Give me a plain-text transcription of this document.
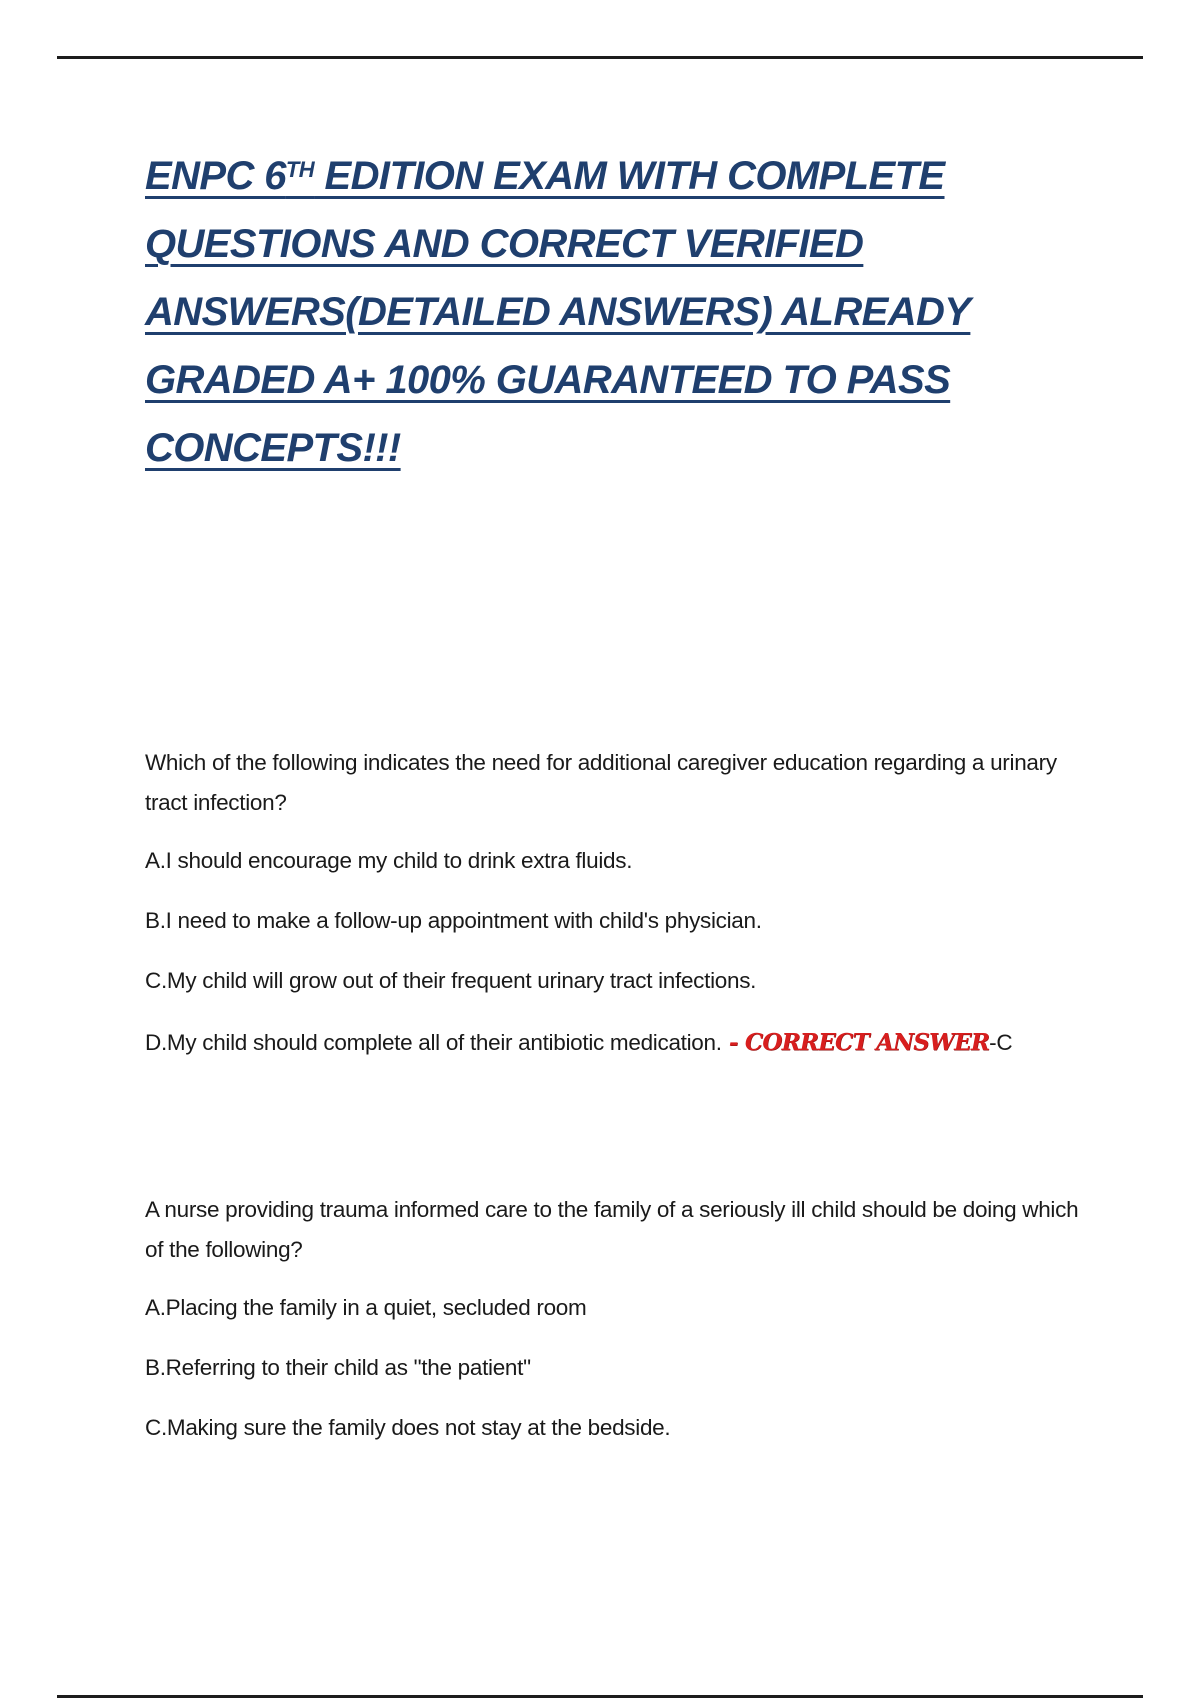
ENPC 6TH EDITION EXAM WITH COMPLETE
QUESTIONS AND CORRECT VERIFIED
ANSWERS(DETAILED ANSWERS) ALREADY
GRADED A+ 100% GUARANTEED TO PASS
CONCEPTS!!!

Which of the following indicates the need for additional caregiver education regarding a urinary tract infection?

A.I should encourage my child to drink extra fluids.

B.I need to make a follow-up appointment with child's physician.

C.My child will grow out of their frequent urinary tract infections.

D.My child should complete all of their antibiotic medication. - CORRECT ANSWER-C

A nurse providing trauma informed care to the family of a seriously ill child should be doing which of the following?

A.Placing the family in a quiet, secluded room

B.Referring to their child as "the patient"

C.Making sure the family does not stay at the bedside.
